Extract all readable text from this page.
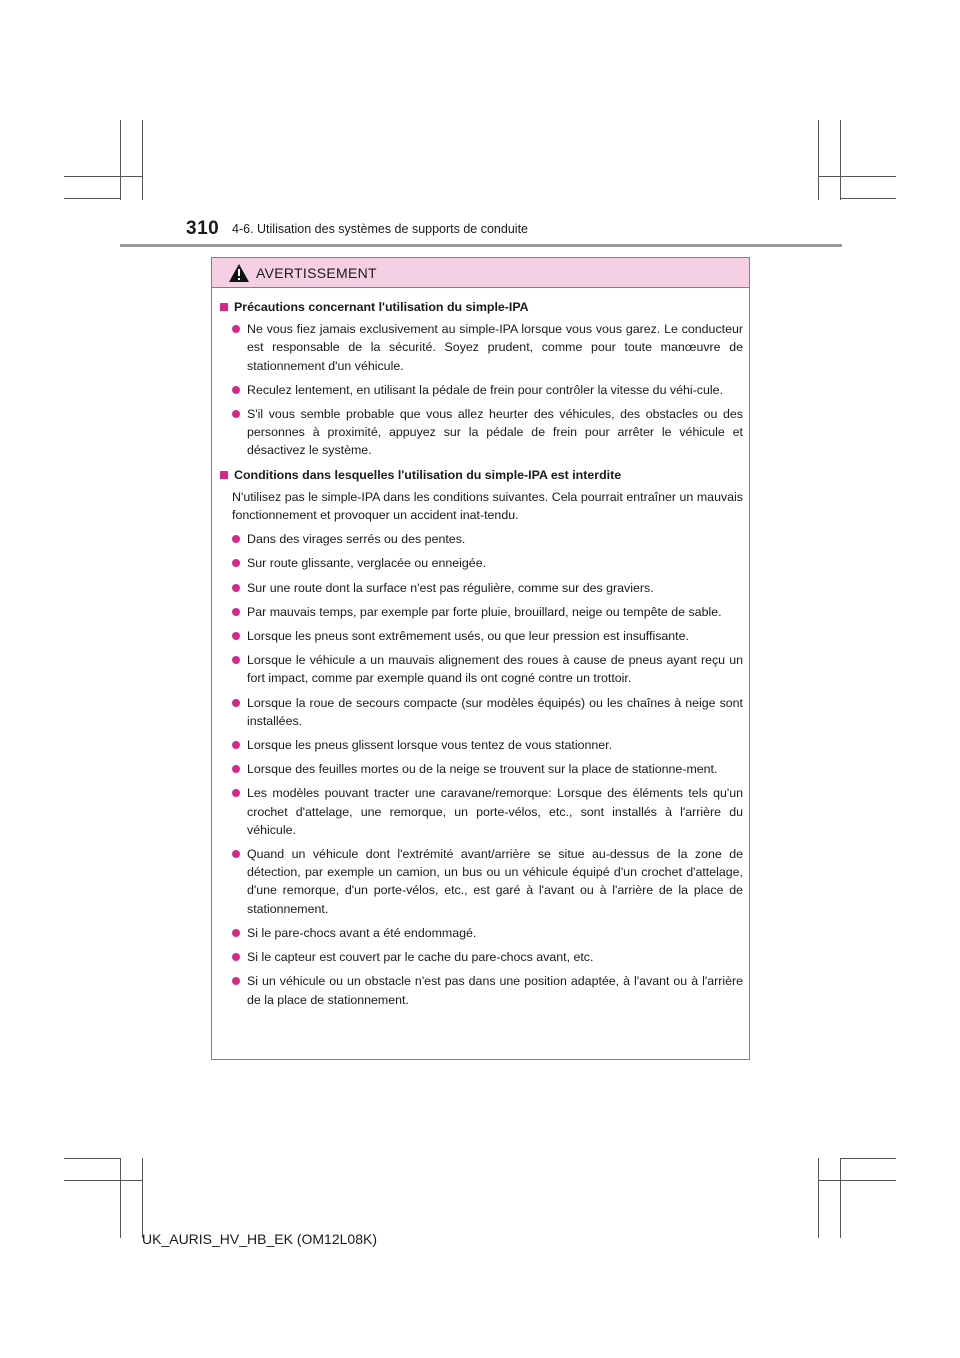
310 4-6. Utilisation des systèmes de supports de conduite
AVERTISSEMENT
Précautions concernant l'utilisation du simple-IPA
Ne vous fiez jamais exclusivement au simple-IPA lorsque vous vous garez. Le conducteur est responsable de la sécurité. Soyez prudent, comme pour toute manœuvre de stationnement d'un véhicule.
Reculez lentement, en utilisant la pédale de frein pour contrôler la vitesse du véhi-cule.
S'il vous semble probable que vous allez heurter des véhicules, des obstacles ou des personnes à proximité, appuyez sur la pédale de frein pour arrêter le véhicule et désactivez le système.
Conditions dans lesquelles l'utilisation du simple-IPA est interdite
N'utilisez pas le simple-IPA dans les conditions suivantes. Cela pourrait entraîner un mauvais fonctionnement et provoquer un accident inat-tendu.
Dans des virages serrés ou des pentes.
Sur route glissante, verglacée ou enneigée.
Sur une route dont la surface n'est pas régulière, comme sur des graviers.
Par mauvais temps, par exemple par forte pluie, brouillard, neige ou tempête de sable.
Lorsque les pneus sont extrêmement usés, ou que leur pression est insuffisante.
Lorsque le véhicule a un mauvais alignement des roues à cause de pneus ayant reçu un fort impact, comme par exemple quand ils ont cogné contre un trottoir.
Lorsque la roue de secours compacte (sur modèles équipés) ou les chaînes à neige sont installées.
Lorsque les pneus glissent lorsque vous tentez de vous stationner.
Lorsque des feuilles mortes ou de la neige se trouvent sur la place de stationne-ment.
Les modèles pouvant tracter une caravane/remorque: Lorsque des éléments tels qu'un crochet d'attelage, une remorque, un porte-vélos, etc., sont installés à l'arrière du véhicule.
Quand un véhicule dont l'extrémité avant/arrière se situe au-dessus de la zone de détection, par exemple un camion, un bus ou un véhicule équipé d'un crochet d'attelage, d'une remorque, d'un porte-vélos, etc., est garé à l'avant ou à l'arrière de la place de stationnement.
Si le pare-chocs avant a été endommagé.
Si le capteur est couvert par le cache du pare-chocs avant, etc.
Si un véhicule ou un obstacle n'est pas dans une position adaptée, à l'avant ou à l'arrière de la place de stationnement.
UK_AURIS_HV_HB_EK (OM12L08K)
